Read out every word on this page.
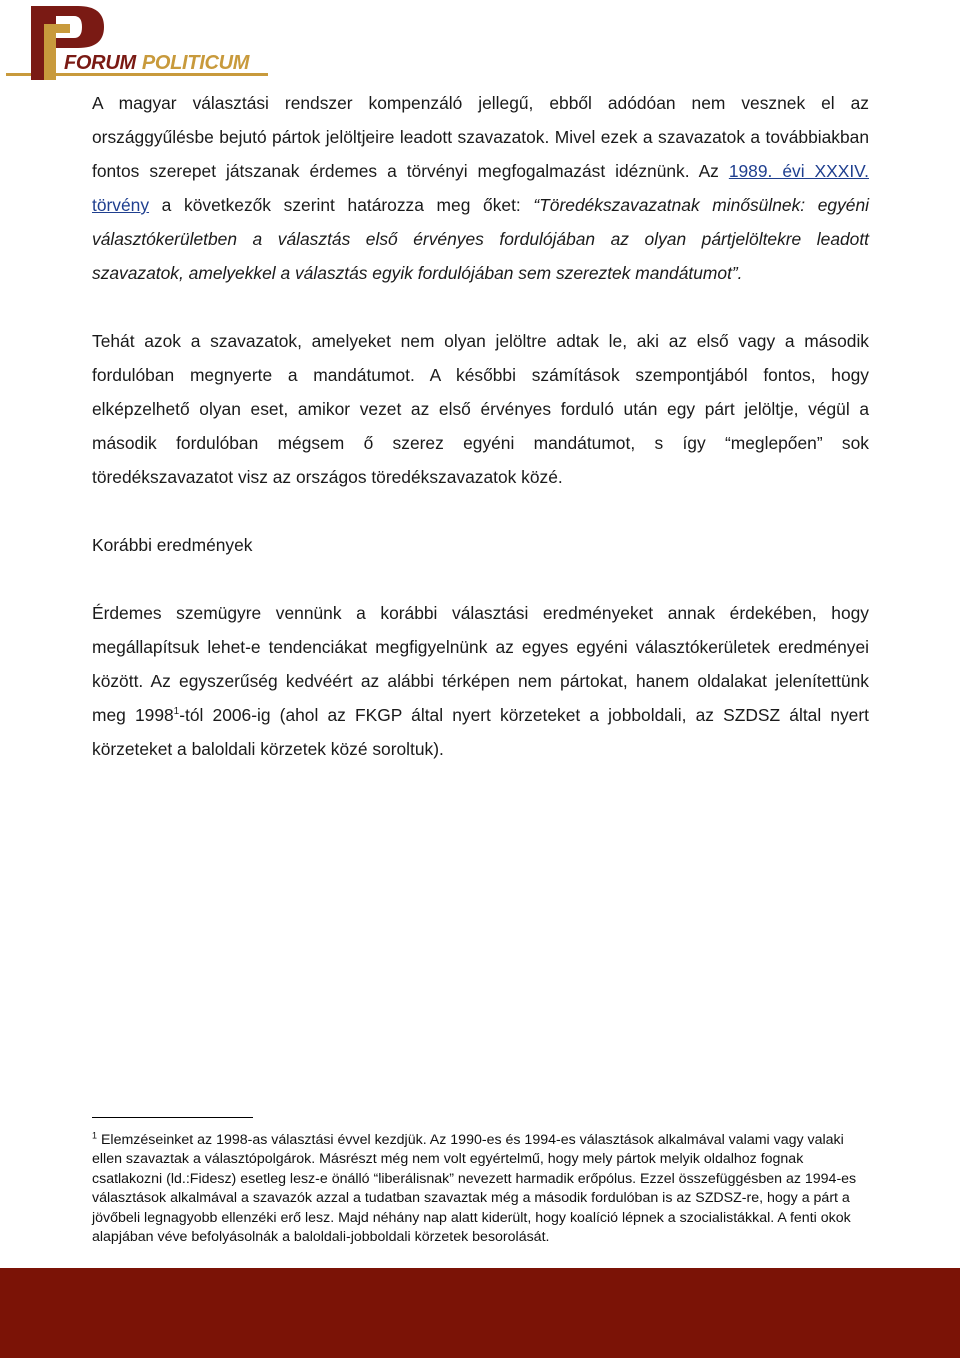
FORUM POLITICUM

A magyar választási rendszer kompenzáló jellegű, ebből adódóan nem vesznek el az országgyűlésbe bejutó pártok jelöltjeire leadott szavazatok. Mivel ezek a szavazatok a továbbiakban fontos szerepet játszanak érdemes a törvényi megfogalmazást idéznünk. Az 1989. évi XXXIV. törvény a következők szerint határozza meg őket: “Töredékszavazatnak minősülnek: egyéni választókerületben a választás első érvényes fordulójában az olyan pártjelöltekre leadott szavazatok, amelyekkel a választás egyik fordulójában sem szereztek mandátumot”.

Tehát azok a szavazatok, amelyeket nem olyan jelöltre adtak le, aki az első vagy a második fordulóban megnyerte a mandátumot. A későbbi számítások szempontjából fontos, hogy elképzelhető olyan eset, amikor vezet az első érvényes forduló után egy párt jelöltje, végül a második fordulóban mégsem ő szerez egyéni mandátumot, s így “meglepően” sok töredékszavazatot visz az országos töredékszavazatok közé.

Korábbi eredmények

Érdemes szemügyre vennünk a korábbi választási eredményeket annak érdekében, hogy megállapítsuk lehet-e tendenciákat megfigyelnünk az egyes egyéni választókerületek eredményei között. Az egyszerűség kedvéért az alábbi térképen nem pártokat, hanem oldalakat jelenítettünk meg 1998$^1$-tól 2006-ig (ahol az FKGP által nyert körzeteket a jobboldali, az SZDSZ által nyert körzeteket a baloldali körzetek közé soroltuk).

$^1$ Elemzéseinket az 1998-as választási évvel kezdjük. Az 1990-es és 1994-es választások alkalmával valami vagy valaki ellen szavaztak a választópolgárok. Másrészt még nem volt egyértelmű, hogy mely pártok melyik oldalhoz fognak csatlakozni (ld.:Fidesz) esetleg lesz-e önálló “liberálisnak” nevezett harmadik erőpólus. Ezzel összefüggésben az 1994-es választások alkalmával a szavazók azzal a tudatban szavaztak még a második fordulóban is az SZDSZ-re, hogy a párt a jövőbeli legnagyobb ellenzéki erő lesz. Majd néhány nap alatt kiderült, hogy koalíció lépnek a szocialistákkal. A fenti okok alapjában véve befolyásolnák a baloldali-jobboldali körzetek besorolását.
